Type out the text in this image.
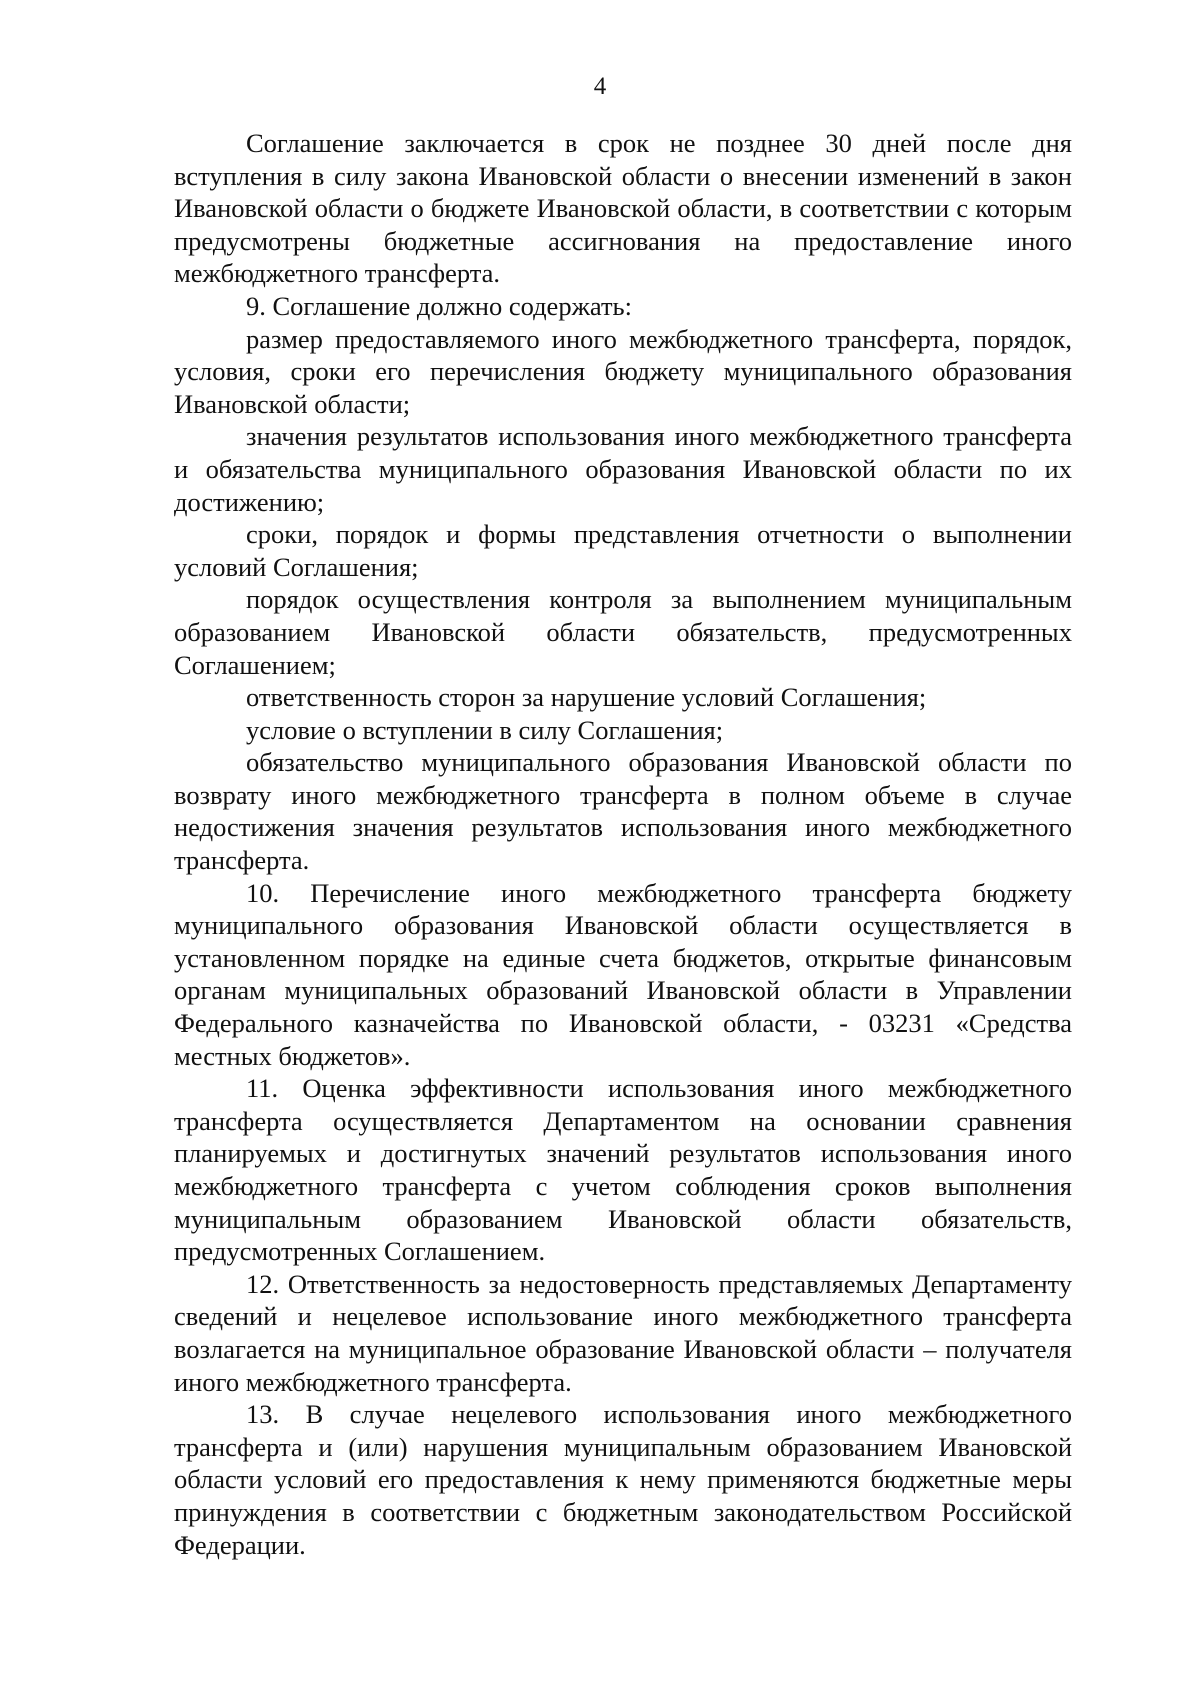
4

Соглашение заключается в срок не позднее 30 дней после дня вступления в силу закона Ивановской области о внесении изменений в закон Ивановской области о бюджете Ивановской области, в соответствии с которым предусмотрены бюджетные ассигнования на предоставление иного межбюджетного трансферта.

9. Соглашение должно содержать:

размер предоставляемого иного межбюджетного трансферта, порядок, условия, сроки его перечисления бюджету муниципального образования Ивановской области;

значения результатов использования иного межбюджетного трансферта и обязательства муниципального образования Ивановской области по их достижению;

сроки, порядок и формы представления отчетности о выполнении условий Соглашения;

порядок осуществления контроля за выполнением муниципальным образованием Ивановской области обязательств, предусмотренных Соглашением;

ответственность сторон за нарушение условий Соглашения;

условие о вступлении в силу Соглашения;

обязательство муниципального образования Ивановской области по возврату иного межбюджетного трансферта в полном объеме в случае недостижения значения результатов использования иного межбюджетного трансферта.

10. Перечисление иного межбюджетного трансферта бюджету муниципального образования Ивановской области осуществляется в установленном порядке на единые счета бюджетов, открытые финансовым органам муниципальных образований Ивановской области в Управлении Федерального казначейства по Ивановской области, - 03231 «Средства местных бюджетов».

11. Оценка эффективности использования иного межбюджетного трансферта осуществляется Департаментом на основании сравнения планируемых и достигнутых значений результатов использования иного межбюджетного трансферта с учетом соблюдения сроков выполнения муниципальным образованием Ивановской области обязательств, предусмотренных Соглашением.

12. Ответственность за недостоверность представляемых Департаменту сведений и нецелевое использование иного межбюджетного трансферта возлагается на муниципальное образование Ивановской области – получателя иного межбюджетного трансферта.

13. В случае нецелевого использования иного межбюджетного трансферта и (или) нарушения муниципальным образованием Ивановской области условий его предоставления к нему применяются бюджетные меры принуждения в соответствии с бюджетным законодательством Российской Федерации.
